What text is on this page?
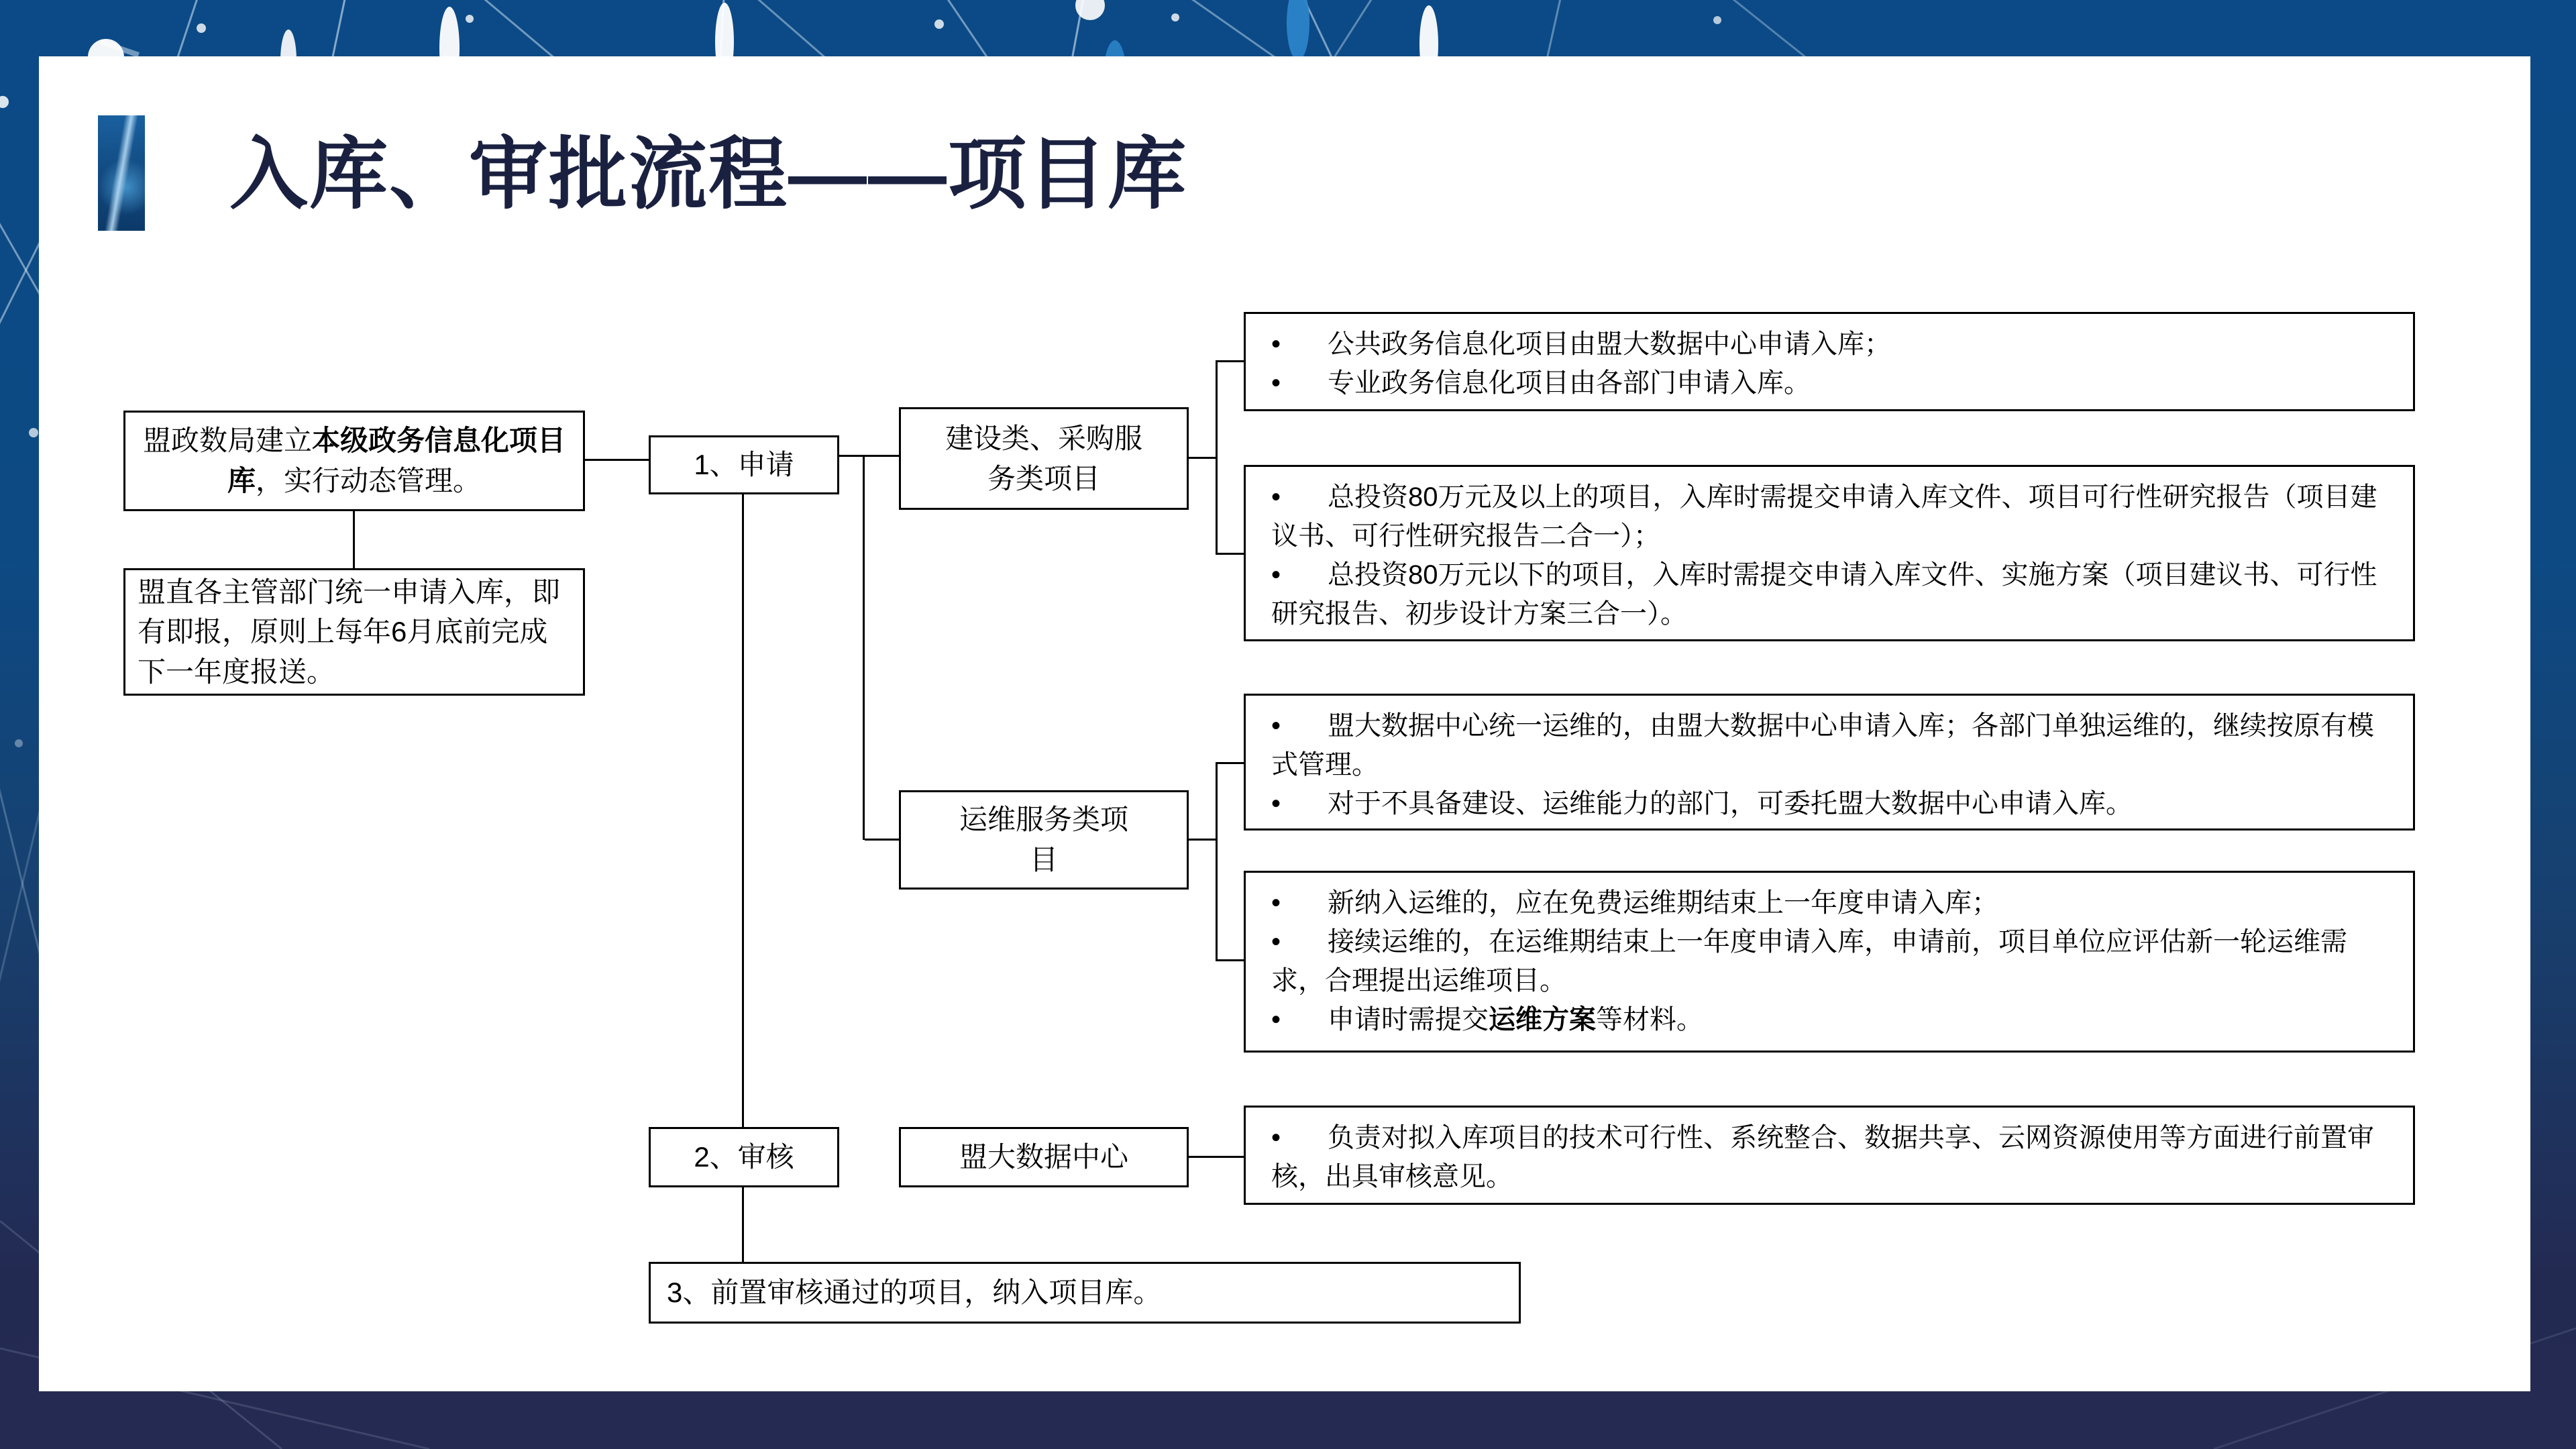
入库、审批流程——项目库
盟政数局建立本级政务信息化项目库，实行动态管理。
盟直各主管部门统一申请入库，即有即报，原则上每年6月底前完成下一年度报送。
1、申请
建设类、采购服务类项目
运维服务类项目
2、审核	盟大数据中心
3、前置审核通过的项目，纳入项目库。
• 公共政务信息化项目由盟大数据中心申请入库；
• 专业政务信息化项目由各部门申请入库。
• 总投资80万元及以上的项目，入库时需提交申请入库文件、项目可行性研究报告（项目建议书、可行性研究报告二合一）；
• 总投资80万元以下的项目，入库时需提交申请入库文件、实施方案（项目建议书、可行性研究报告、初步设计方案三合一）。
• 盟大数据中心统一运维的，由盟大数据中心申请入库；各部门单独运维的，继续按原有模式管理。
• 对于不具备建设、运维能力的部门，可委托盟大数据中心申请入库。
• 新纳入运维的，应在免费运维期结束上一年度申请入库；
• 接续运维的，在运维期结束上一年度申请入库，申请前，项目单位应评估新一轮运维需求，合理提出运维项目。
• 申请时需提交运维方案等材料。
• 负责对拟入库项目的技术可行性、系统整合、数据共享、云网资源使用等方面进行前置审核，出具审核意见。
